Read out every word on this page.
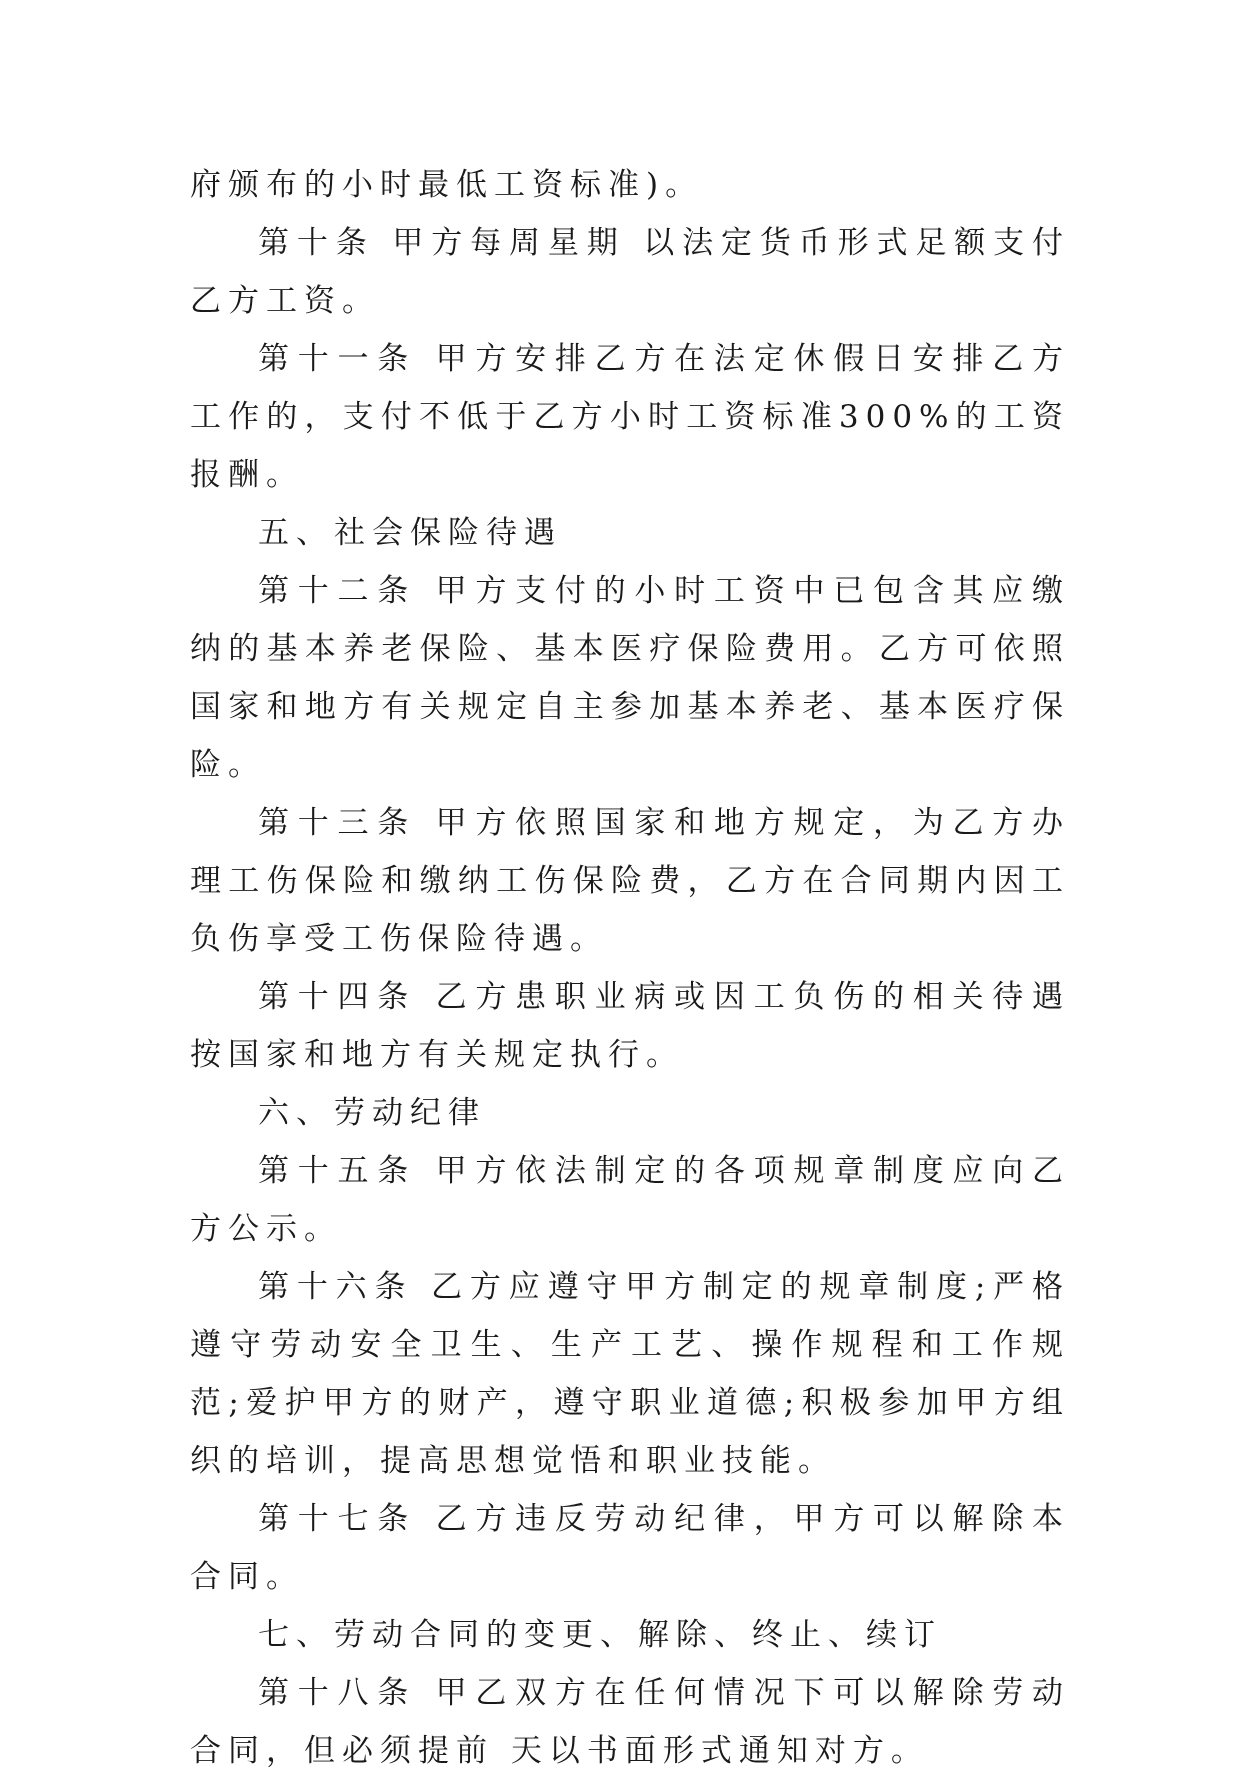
府颁布的小时最低工资标准)。

第十条 甲方每周星期 以法定货币形式足额支付乙方工资。

第十一条 甲方安排乙方在法定休假日安排乙方工作的，支付不低于乙方小时工资标准300%的工资报酬。

五、社会保险待遇

第十二条 甲方支付的小时工资中已包含其应缴纳的基本养老保险、基本医疗保险费用。乙方可依照国家和地方有关规定自主参加基本养老、基本医疗保险。

第十三条 甲方依照国家和地方规定，为乙方办理工伤保险和缴纳工伤保险费，乙方在合同期内因工负伤享受工伤保险待遇。

第十四条 乙方患职业病或因工负伤的相关待遇按国家和地方有关规定执行。

六、劳动纪律

第十五条 甲方依法制定的各项规章制度应向乙方公示。

第十六条 乙方应遵守甲方制定的规章制度;严格遵守劳动安全卫生、生产工艺、操作规程和工作规范;爱护甲方的财产，遵守职业道德;积极参加甲方组织的培训，提高思想觉悟和职业技能。

第十七条 乙方违反劳动纪律，甲方可以解除本合同。

七、劳动合同的变更、解除、终止、续订

第十八条 甲乙双方在任何情况下可以解除劳动合同，但必须提前 天以书面形式通知对方。
